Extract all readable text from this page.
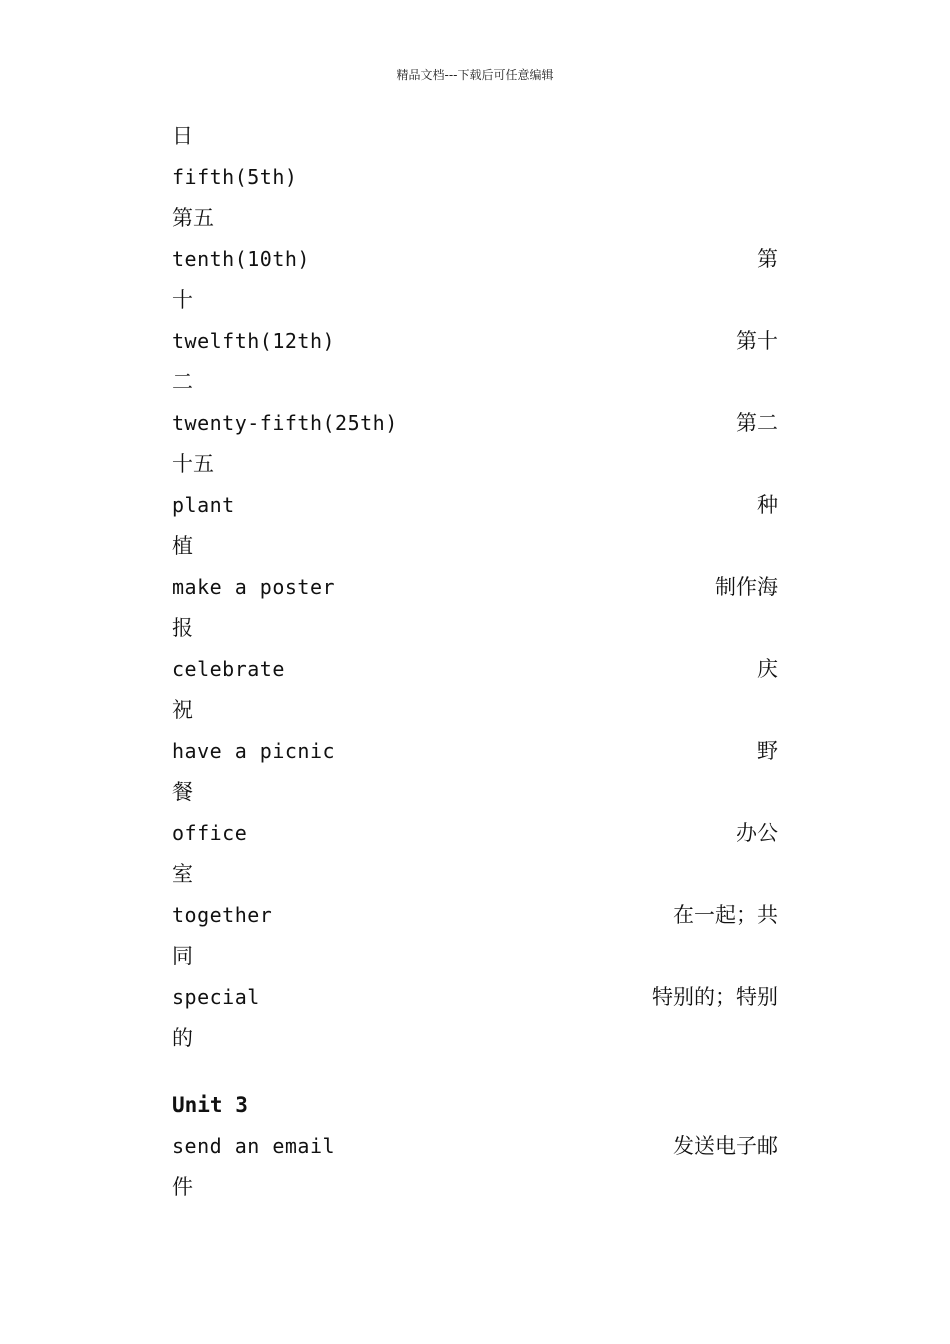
精品文档---下载后可任意编辑
日
fifth(5th)
第五
tenth(10th)	第
十
twelfth(12th)	第十
二
twenty-fifth(25th)	第二
十五
plant	种
植
make a poster	制作海
报
celebrate	庆
祝
have a picnic	野
餐
office	办公
室
together	在一起；共
同
special	特别的；特别
的
Unit 3
send an email	发送电子邮
件
